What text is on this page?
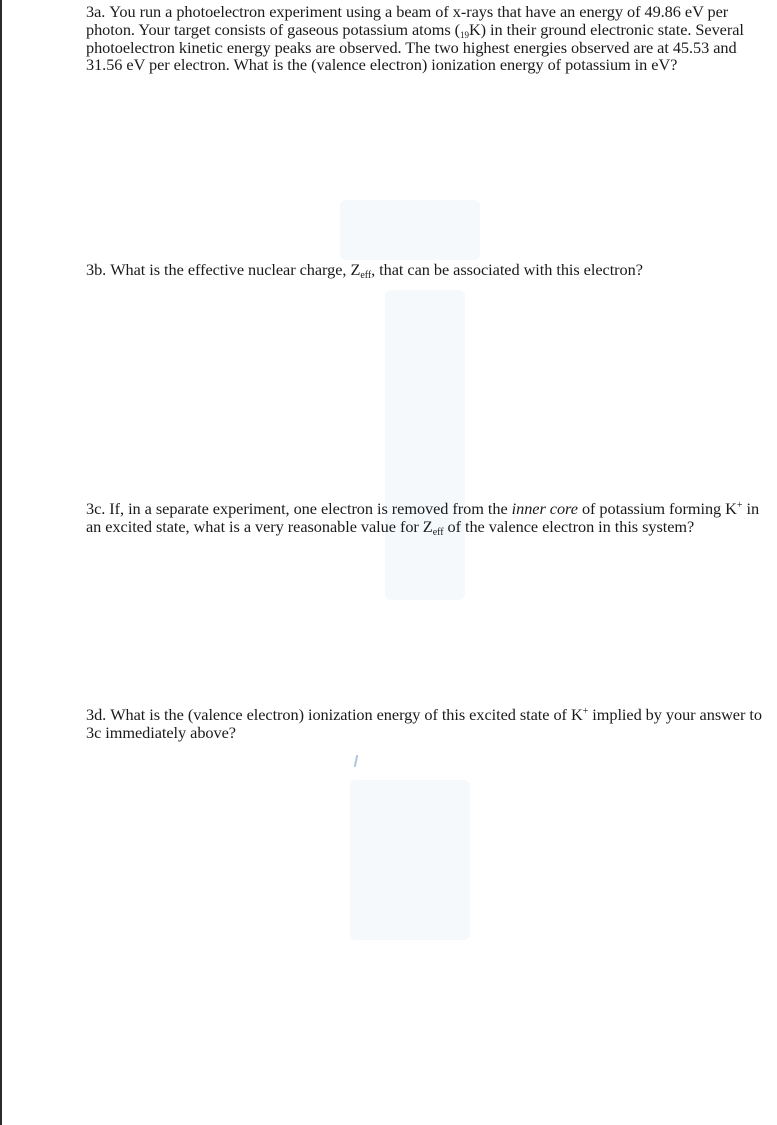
3a. You run a photoelectron experiment using a beam of x-rays that have an energy of 49.86 eV per photon. Your target consists of gaseous potassium atoms (19K) in their ground electronic state. Several photoelectron kinetic energy peaks are observed. The two highest energies observed are at 45.53 and 31.56 eV per electron. What is the (valence electron) ionization energy of potassium in eV?

3b. What is the effective nuclear charge, $Z_{eff}$, that can be associated with this electron?

3c. If, in a separate experiment, one electron is removed from the inner core of potassium forming K+ in an excited state, what is a very reasonable value for $Z_{eff}$ of the valence electron in this system?

3d. What is the (valence electron) ionization energy of this excited state of K+ implied by your answer to 3c immediately above?
